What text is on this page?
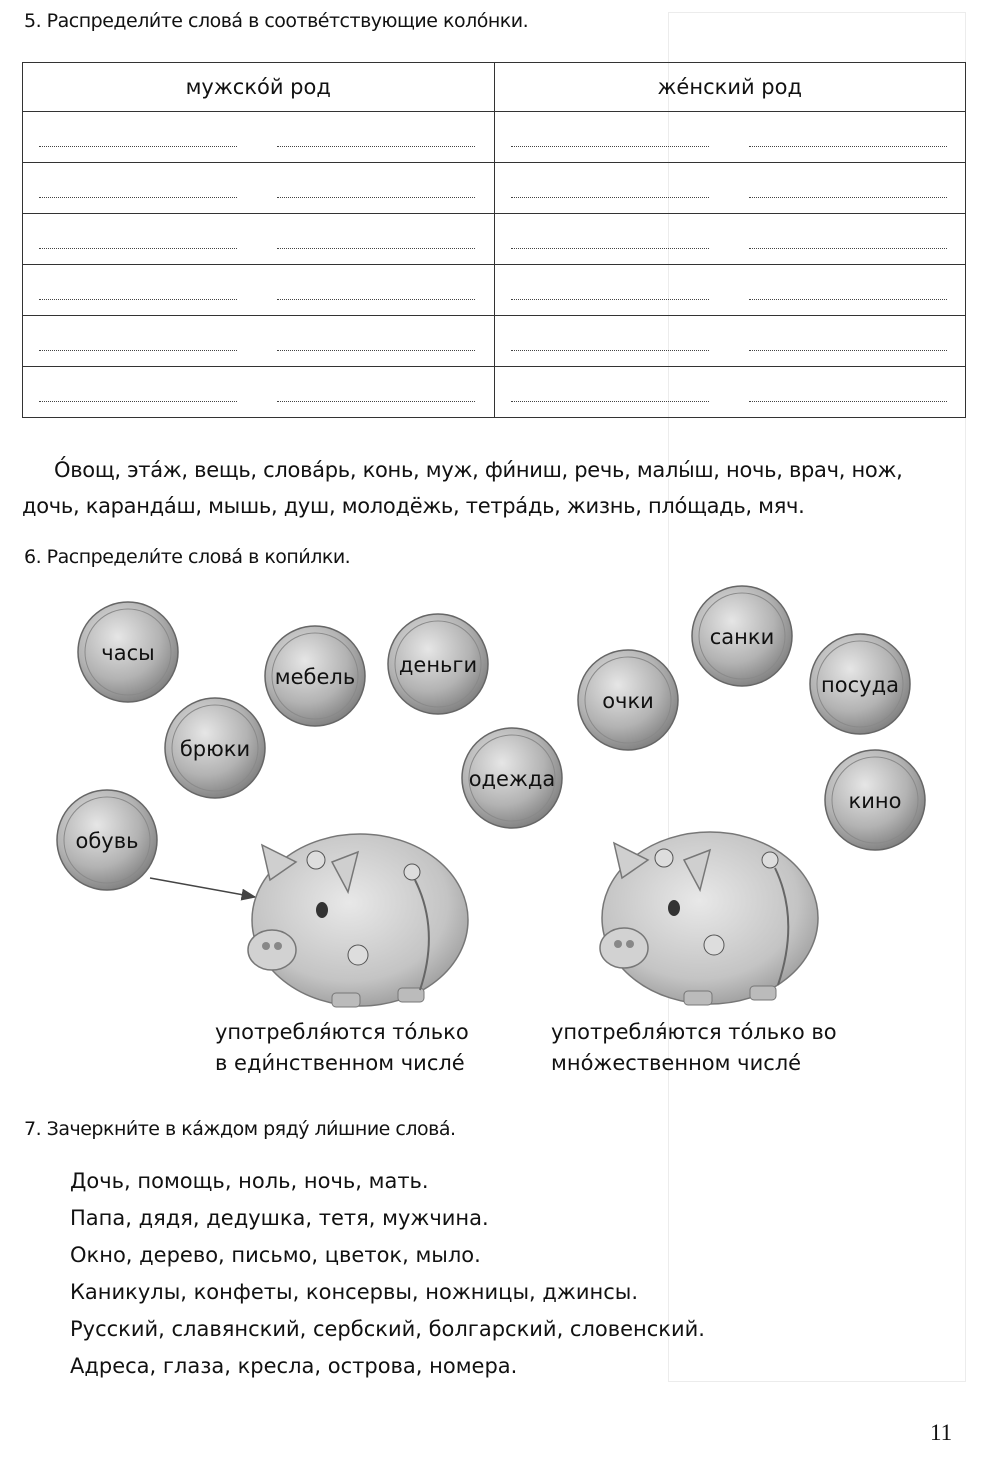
5. Распредели́те слова́ в соотве́тствующие коло́нки.
мужско́й род	же́нский род

О́вощ, эта́ж, вещь, слова́рь, конь, муж, фи́ниш, речь, малы́ш, ночь, врач, нож, дочь, каранда́ш, мышь, душ, молодёжь, тетра́дь, жизнь, пло́щадь, мяч.

6. Распредели́те слова́ в копи́лки.
часы
мебель деньги
брюки
одежда
обувь
очки
санки
посуда
кино

употребля́ются то́лько
в еди́нственном числе́

употребля́ются то́лько во
мно́жественном числе́

7. Зачеркни́те в ка́ждом ряду́ ли́шние слова́.
Дочь, помощь, ноль, ночь, мать.
Папа, дядя, дедушка, тетя, мужчина.
Окно, дерево, письмо, цветок, мыло.
Каникулы, конфеты, консервы, ножницы, джинсы.
Русский, славянский, сербский, болгарский, словенский.
Адреса, глаза, кресла, острова, номера.
11
